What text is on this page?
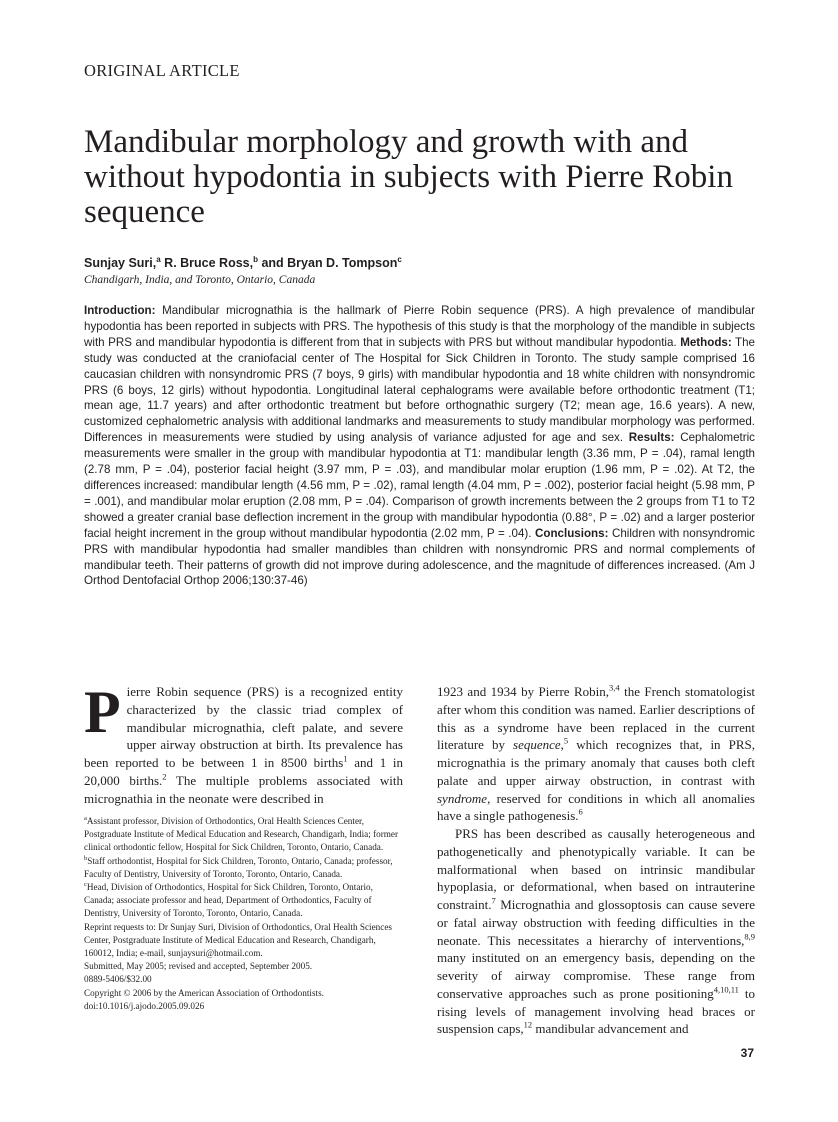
ORIGINAL ARTICLE
Mandibular morphology and growth with and without hypodontia in subjects with Pierre Robin sequence
Sunjay Suri,$^a$ R. Bruce Ross,$^b$ and Bryan D. Tompson$^c$
Chandigarh, India, and Toronto, Ontario, Canada

Introduction: Mandibular micrognathia is the hallmark of Pierre Robin sequence (PRS). A high prevalence of mandibular hypodontia has been reported in subjects with PRS. The hypothesis of this study is that the morphology of the mandible in subjects with PRS and mandibular hypodontia is different from that in subjects with PRS but without mandibular hypodontia. Methods: The study was conducted at the craniofacial center of The Hospital for Sick Children in Toronto. The study sample comprised 16 caucasian children with nonsyndromic PRS (7 boys, 9 girls) with mandibular hypodontia and 18 white children with nonsyndromic PRS (6 boys, 12 girls) without hypodontia. Longitudinal lateral cephalograms were available before orthodontic treatment (T1; mean age, 11.7 years) and after orthodontic treatment but before orthognathic surgery (T2; mean age, 16.6 years). A new, customized cephalometric analysis with additional landmarks and measurements to study mandibular morphology was performed. Differences in measurements were studied by using analysis of variance adjusted for age and sex. Results: Cephalometric measurements were smaller in the group with mandibular hypodontia at T1: mandibular length (3.36 mm, P = .04), ramal length (2.78 mm, P = .04), posterior facial height (3.97 mm, P = .03), and mandibular molar eruption (1.96 mm, P = .02). At T2, the differences increased: mandibular length (4.56 mm, P = .02), ramal length (4.04 mm, P = .002), posterior facial height (5.98 mm, P = .001), and mandibular molar eruption (2.08 mm, P = .04). Comparison of growth increments between the 2 groups from T1 to T2 showed a greater cranial base deflection increment in the group with mandibular hypodontia (0.88°, P = .02) and a larger posterior facial height increment in the group without mandibular hypodontia (2.02 mm, P = .04). Conclusions: Children with nonsyndromic PRS with mandibular hypodontia had smaller mandibles than children with nonsyndromic PRS and normal complements of mandibular teeth. Their patterns of growth did not improve during adolescence, and the magnitude of differences increased. (Am J Orthod Dentofacial Orthop 2006;130:37-46)

Pierre Robin sequence (PRS) is a recognized entity characterized by the classic triad complex of mandibular micrognathia, cleft palate, and severe upper airway obstruction at birth. Its prevalence has been reported to be between 1 in 8500 births$^1$ and 1 in 20,000 births.$^2$ The multiple problems associated with micrognathia in the neonate were described in

$^a$Assistant professor, Division of Orthodontics, Oral Health Sciences Center, Postgraduate Institute of Medical Education and Research, Chandigarh, India; former clinical orthodontic fellow, Hospital for Sick Children, Toronto, Ontario, Canada.

$^b$Staff orthodontist, Hospital for Sick Children, Toronto, Ontario, Canada; professor, Faculty of Dentistry, University of Toronto, Toronto, Ontario, Canada.

$^c$Head, Division of Orthodontics, Hospital for Sick Children, Toronto, Ontario, Canada; associate professor and head, Department of Orthodontics, Faculty of Dentistry, University of Toronto, Toronto, Ontario, Canada.

Reprint requests to: Dr Sunjay Suri, Division of Orthodontics, Oral Health Sciences Center, Postgraduate Institute of Medical Education and Research, Chandigarh, 160012, India; e-mail, sunjaysuri@hotmail.com.

Submitted, May 2005; revised and accepted, September 2005.

0889-5406/$32.00

Copyright © 2006 by the American Association of Orthodontists.

doi:10.1016/j.ajodo.2005.09.026

1923 and 1934 by Pierre Robin,$^{3,4}$ the French stomatologist after whom this condition was named. Earlier descriptions of this as a syndrome have been replaced in the current literature by sequence,$^5$ which recognizes that, in PRS, micrognathia is the primary anomaly that causes both cleft palate and upper airway obstruction, in contrast with syndrome, reserved for conditions in which all anomalies have a single pathogenesis.$^6$

PRS has been described as causally heterogeneous and pathogenetically and phenotypically variable. It can be malformational when based on intrinsic mandibular hypoplasia, or deformational, when based on intrauterine constraint.$^7$ Micrognathia and glossoptosis can cause severe or fatal airway obstruction with feeding difficulties in the neonate. This necessitates a hierarchy of interventions,$^{8,9}$ many instituted on an emergency basis, depending on the severity of airway compromise. These range from conservative approaches such as prone positioning$^{4,10,11}$ to rising levels of management involving head braces or suspension caps,$^{12}$ mandibular advancement and

37
